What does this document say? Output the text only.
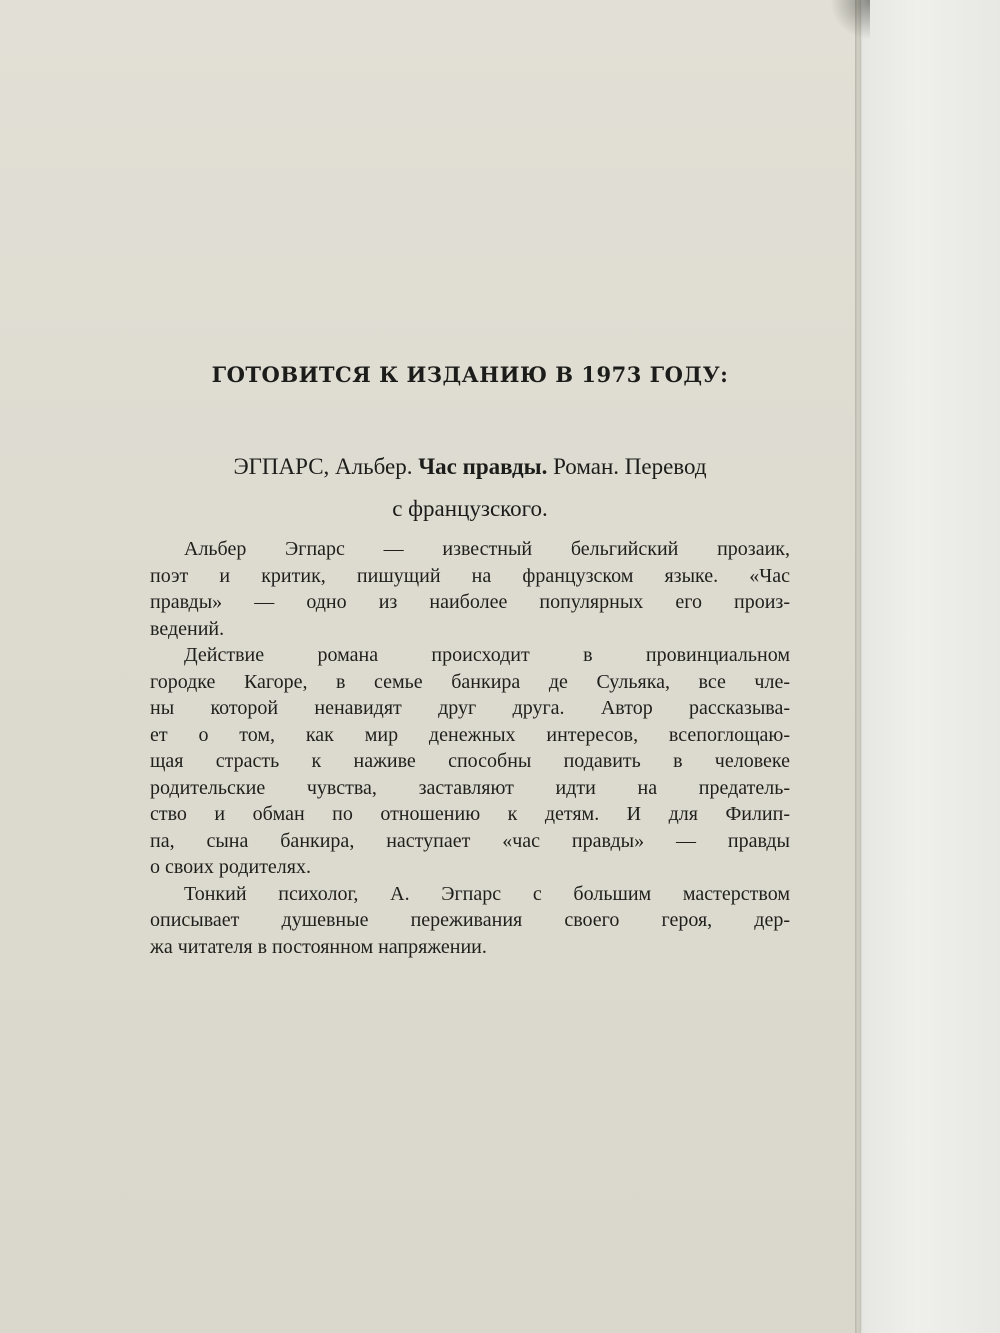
ГОТОВИТСЯ К ИЗДАНИЮ В 1973 ГОДУ:
ЭГПАРС, Альбер. Час правды. Роман. Перевод
с французского.
Альбер Эгпарс — известный бельгийский прозаик,
поэт и критик, пишущий на французском языке. «Час
правды» — одно из наиболее популярных его произ-
ведений.
Действие романа происходит в провинциальном
городке Кагоре, в семье банкира де Сульяка, все чле-
ны которой ненавидят друг друга. Автор рассказыва-
ет о том, как мир денежных интересов, всепоглощаю-
щая страсть к наживе способны подавить в человеке
родительские чувства, заставляют идти на предатель-
ство и обман по отношению к детям. И для Филип-
па, сына банкира, наступает «час правды» — правды
о своих родителях.
Тонкий психолог, А. Эгпарс с большим мастерством
описывает душевные переживания своего героя, дер-
жа читателя в постоянном напряжении.
